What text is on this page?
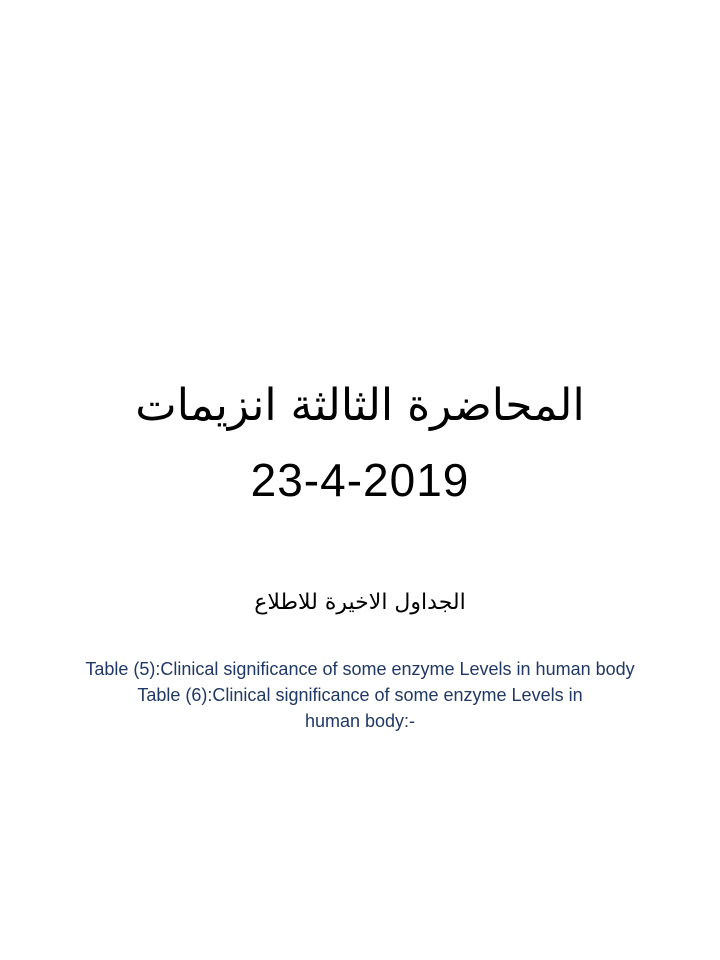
المحاضرة الثالثة انزيمات
23-4-2019
الجداول الاخيرة للاطلاع
Table (5):Clinical significance of some enzyme Levels in human body
Table (6):Clinical significance of some enzyme Levels in human body:-
